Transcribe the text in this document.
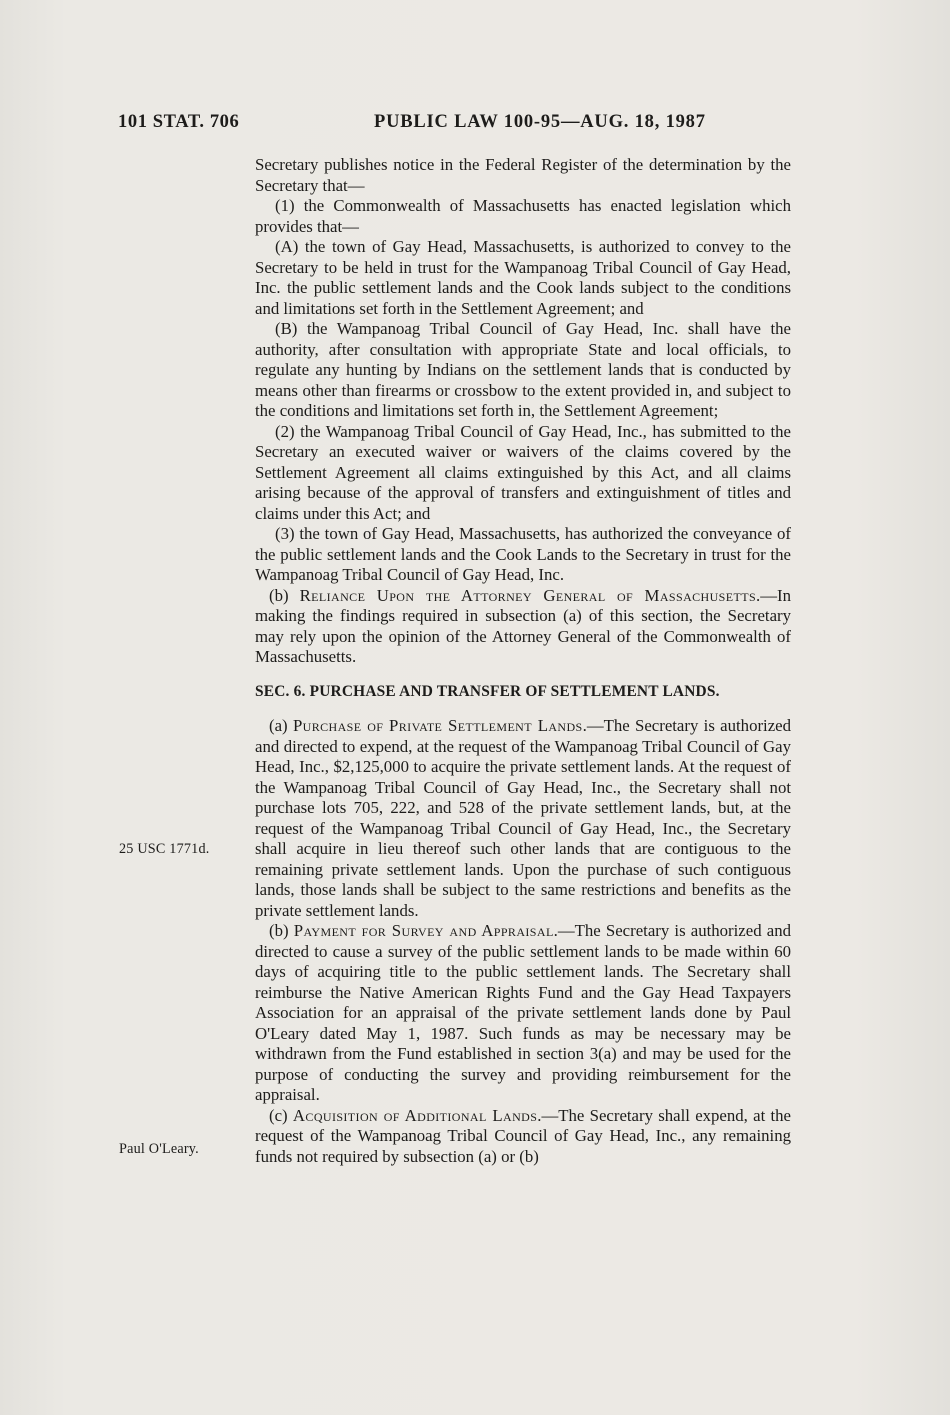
101 STAT. 706	PUBLIC LAW 100-95—AUG. 18, 1987
25 USC 1771d.
Paul O'Leary.

Secretary publishes notice in the Federal Register of the determination by the Secretary that—

(1) the Commonwealth of Massachusetts has enacted legislation which provides that—

(A) the town of Gay Head, Massachusetts, is authorized to convey to the Secretary to be held in trust for the Wampanoag Tribal Council of Gay Head, Inc. the public settlement lands and the Cook lands subject to the conditions and limitations set forth in the Settlement Agreement; and

(B) the Wampanoag Tribal Council of Gay Head, Inc. shall have the authority, after consultation with appropriate State and local officials, to regulate any hunting by Indians on the settlement lands that is conducted by means other than firearms or crossbow to the extent provided in, and subject to the conditions and limitations set forth in, the Settlement Agreement;

(2) the Wampanoag Tribal Council of Gay Head, Inc., has submitted to the Secretary an executed waiver or waivers of the claims covered by the Settlement Agreement all claims extinguished by this Act, and all claims arising because of the approval of transfers and extinguishment of titles and claims under this Act; and

(3) the town of Gay Head, Massachusetts, has authorized the conveyance of the public settlement lands and the Cook Lands to the Secretary in trust for the Wampanoag Tribal Council of Gay Head, Inc.

(b) Reliance Upon the Attorney General of Massachusetts.—In making the findings required in subsection (a) of this section, the Secretary may rely upon the opinion of the Attorney General of the Commonwealth of Massachusetts.

SEC. 6. PURCHASE AND TRANSFER OF SETTLEMENT LANDS.

(a) Purchase of Private Settlement Lands.—The Secretary is authorized and directed to expend, at the request of the Wampanoag Tribal Council of Gay Head, Inc., $2,125,000 to acquire the private settlement lands. At the request of the Wampanoag Tribal Council of Gay Head, Inc., the Secretary shall not purchase lots 705, 222, and 528 of the private settlement lands, but, at the request of the Wampanoag Tribal Council of Gay Head, Inc., the Secretary shall acquire in lieu thereof such other lands that are contiguous to the remaining private settlement lands. Upon the purchase of such contiguous lands, those lands shall be subject to the same restrictions and benefits as the private settlement lands.

(b) Payment for Survey and Appraisal.—The Secretary is authorized and directed to cause a survey of the public settlement lands to be made within 60 days of acquiring title to the public settlement lands. The Secretary shall reimburse the Native American Rights Fund and the Gay Head Taxpayers Association for an appraisal of the private settlement lands done by Paul O'Leary dated May 1, 1987. Such funds as may be necessary may be withdrawn from the Fund established in section 3(a) and may be used for the purpose of conducting the survey and providing reimbursement for the appraisal.

(c) Acquisition of Additional Lands.—The Secretary shall expend, at the request of the Wampanoag Tribal Council of Gay Head, Inc., any remaining funds not required by subsection (a) or (b)
